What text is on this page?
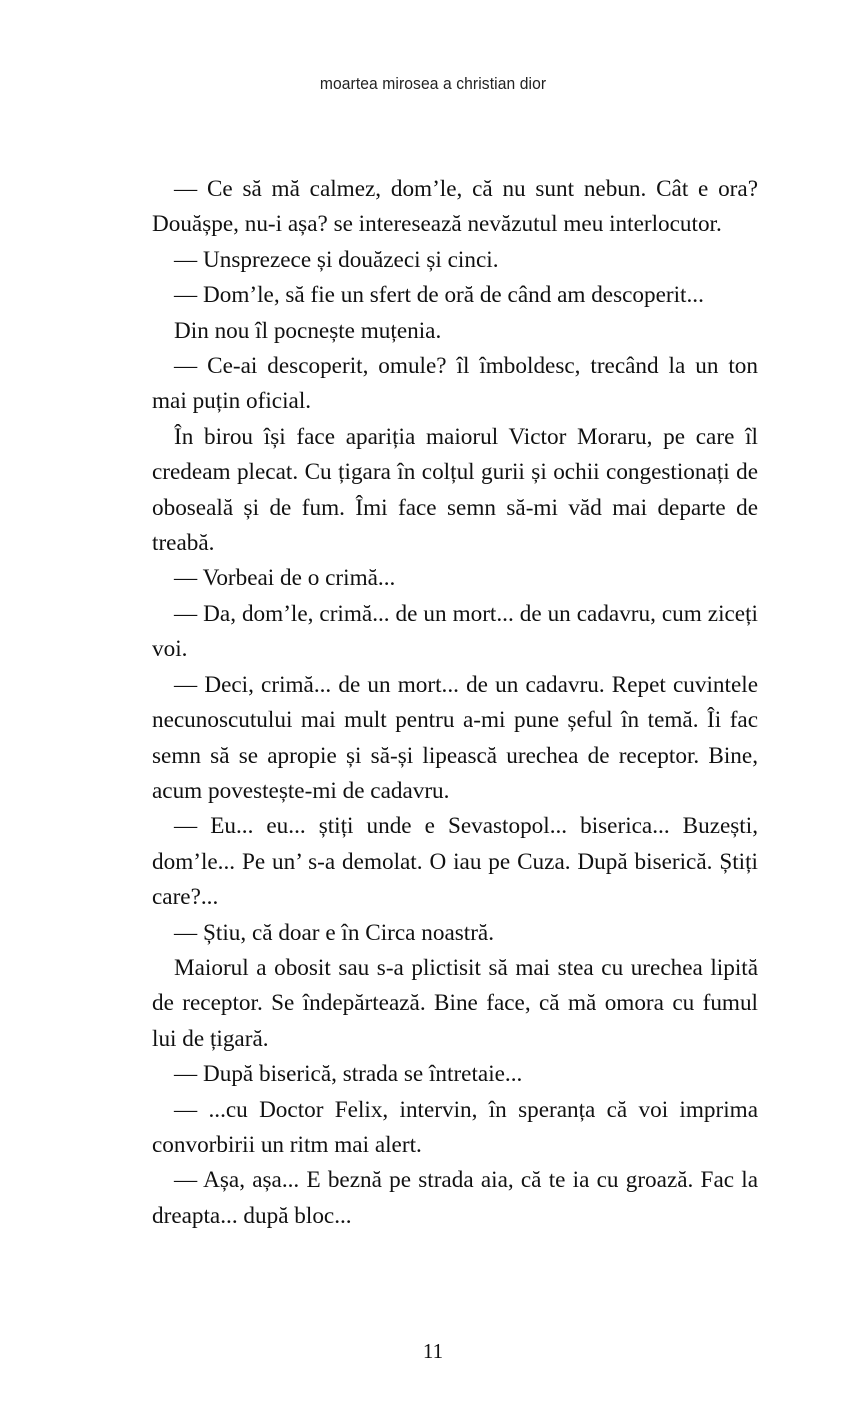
moartea mirosea a christian dior

— Ce să mă calmez, dom’le, că nu sunt nebun. Cât e ora? Douășpe, nu-i așa? se interesează nevăzutul meu interlocutor.

— Unsprezece și douăzeci și cinci.

— Dom’le, să fie un sfert de oră de când am descoperit...

Din nou îl pocnește muțenia.

— Ce-ai descoperit, omule? îl îmboldesc, trecând la un ton mai puțin oficial.

În birou își face apariția maiorul Victor Moraru, pe care îl credeam plecat. Cu țigara în colțul gurii și ochii congestionați de oboseală și de fum. Îmi face semn să-mi văd mai departe de treabă.

— Vorbeai de o crimă...

— Da, dom’le, crimă... de un mort... de un cadavru, cum ziceți voi.

— Deci, crimă... de un mort... de un cadavru. Repet cuvintele necunoscutului mai mult pentru a-mi pune șeful în temă. Îi fac semn să se apropie și să-și lipească urechea de receptor. Bine, acum povestește-mi de cadavru.

— Eu... eu... știți unde e Sevastopol... biserica... Buzești, dom’le... Pe un’ s-a demolat. O iau pe Cuza. După biserică. Știți care?...

— Știu, că doar e în Circa noastră.

Maiorul a obosit sau s-a plictisit să mai stea cu urechea lipită de receptor. Se îndepărtează. Bine face, că mă omora cu fumul lui de țigară.

— După biserică, strada se întretaie...

— ...cu Doctor Felix, intervin, în speranța că voi imprima convorbirii un ritm mai alert.

— Așa, așa... E beznă pe strada aia, că te ia cu groază. Fac la dreapta... după bloc...

11
